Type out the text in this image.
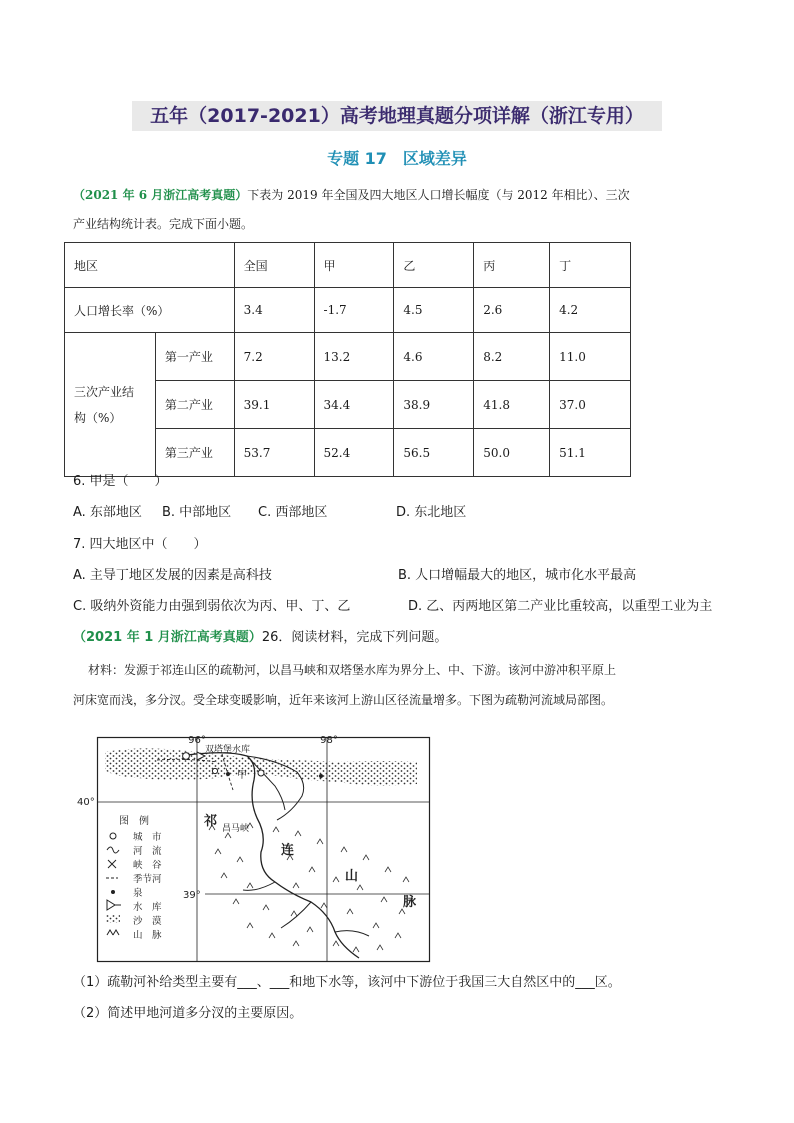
五年（2017-2021）高考地理真题分项详解（浙江专用）
专题 17　区域差异
（2021 年 6 月浙江高考真题）下表为 2019 年全国及四大地区人口增长幅度（与 2012 年相比）、三次
产业结构统计表。完成下面小题。
地区		全国	甲	乙	丙	丁
人口增长率（%）		3.4	-1.7	4.5	2.6	4.2
三次产业结
构（%）	第一产业	7.2	13.2	4.6	8.2	11.0
	第二产业	39.1	34.4	38.9	41.8	37.0
	第三产业	53.7	52.4	56.5	50.0	51.1
6. 甲是（　　）
A. 东部地区 B. 中部地区 C. 西部地区	D. 东北地区
7. 四大地区中（　　）
A. 主导丁地区发展的因素是高科技	B. 人口增幅最大的地区，城市化水平最高
C. 吸纳外资能力由强到弱依次为丙、甲、丁、乙	D. 乙、丙两地区第二产业比重较高，以重型工业为主
（2021 年 1 月浙江高考真题）26．阅读材料，完成下列问题。
材料：发源于祁连山区的疏勒河，以昌马峡和双塔堡水库为界分上、中、下游。该河中游冲积平原上
河床宽而浅，多分汊。受全球变暖影响，近年来该河上游山区径流量增多。下图为疏勒河流域局部图。
96°	98°
40°
39°
双塔堡水库
甲
昌马峡
祁
连
山
脉
图　例
城　市
河　流
峡　谷
季节河
泉
水　库
沙　漠
山　脉
（1）疏勒河补给类型主要有___、___和地下水等，该河中下游位于我国三大自然区中的___区。
（2）简述甲地河道多分汊的主要原因。
